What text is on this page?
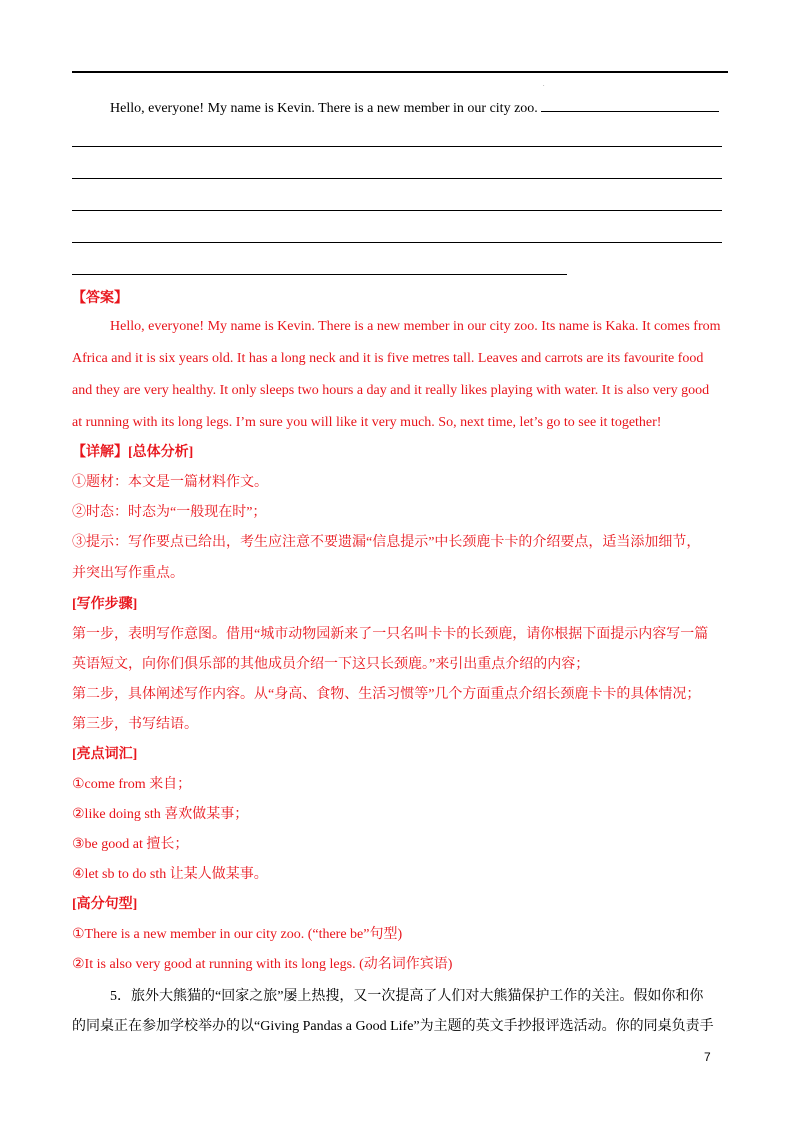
.
Hello, everyone! My name is Kevin. There is a new member in our city zoo.
【答案】
Hello, everyone! My name is Kevin. There is a new member in our city zoo. Its name is Kaka. It comes from
Africa and it is six years old. It has a long neck and it is five metres tall. Leaves and carrots are its favourite food
and they are very healthy. It only sleeps two hours a day and it really likes playing with water. It is also very good
at running with its long legs. I’m sure you will like it very much. So, next time, let’s go to see it together!
【详解】[总体分析]
①题材：本文是一篇材料作文。
②时态：时态为“一般现在时”；
③提示：写作要点已给出，考生应注意不要遗漏“信息提示”中长颈鹿卡卡的介绍要点，适当添加细节，
并突出写作重点。
[写作步骤]
第一步，表明写作意图。借用“城市动物园新来了一只名叫卡卡的长颈鹿，请你根据下面提示内容写一篇
英语短文，向你们俱乐部的其他成员介绍一下这只长颈鹿。”来引出重点介绍的内容；
第二步，具体阐述写作内容。从“身高、食物、生活习惯等”几个方面重点介绍长颈鹿卡卡的具体情况；
第三步，书写结语。
[亮点词汇]
①come from 来自；
②like doing sth 喜欢做某事；
③be good at 擅长；
④let sb to do sth 让某人做某事。
[高分句型]
①There is a new member in our city zoo. (“there be”句型)
②It is also very good at running with its long legs. (动名词作宾语)
5．旅外大熊猫的“回家之旅”屡上热搜，又一次提高了人们对大熊猫保护工作的关注。假如你和你
的同桌正在参加学校举办的以“Giving Pandas a Good Life”为主题的英文手抄报评选活动。你的同桌负责手
7
